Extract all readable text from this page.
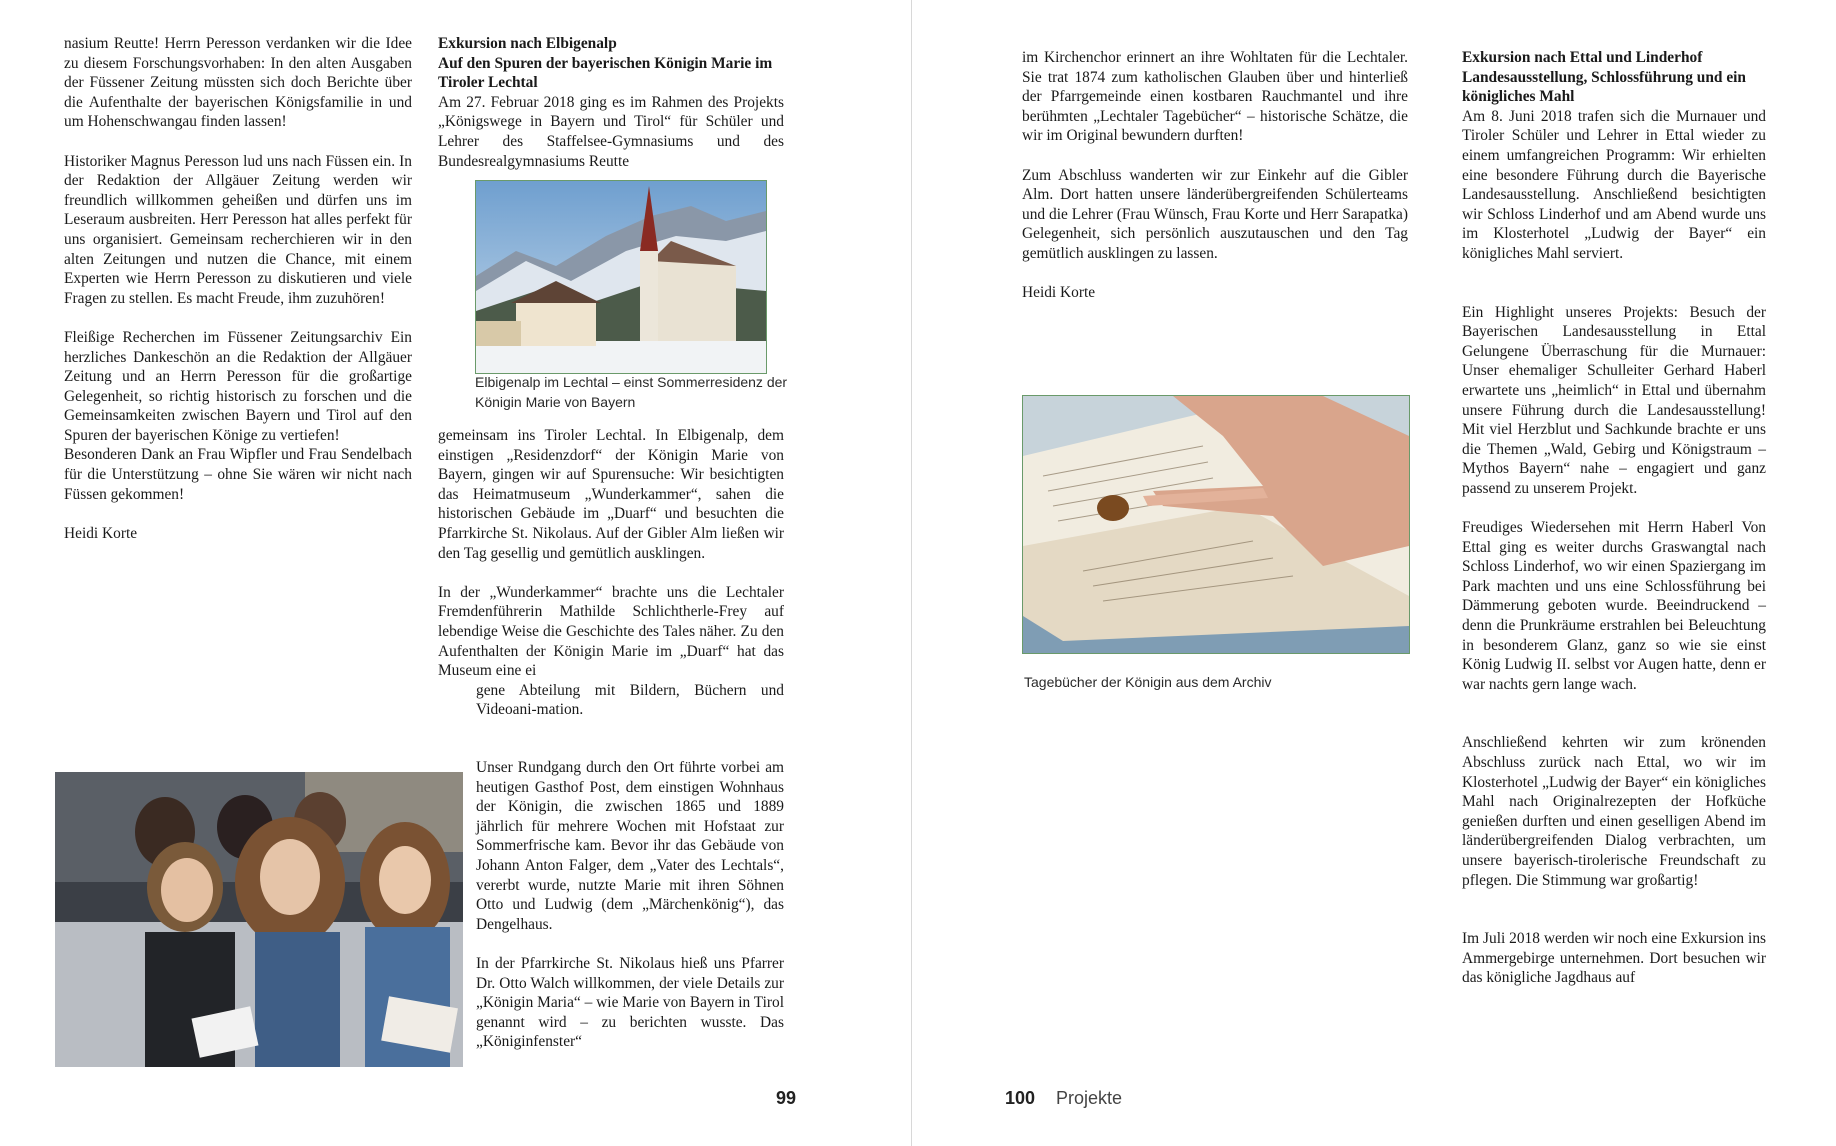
nasium Reutte! Herrn Peresson verdanken wir die Idee zu diesem Forschungsvorhaben: In den alten Ausgaben der Füssener Zeitung müssten sich doch Berichte über die Aufenthalte der bayerischen Königsfamilie in und um Hohenschwangau finden lassen!

Historiker Magnus Peresson lud uns nach Füssen ein. In der Redaktion der Allgäuer Zeitung werden wir freundlich willkommen geheißen und dürfen uns im Leseraum ausbreiten. Herr Peresson hat alles perfekt für uns organisiert. Gemeinsam recherchieren wir in den alten Zeitungen und nutzen die Chance, mit einem Experten wie Herrn Peresson zu diskutieren und viele Fragen zu stellen. Es macht Freude, ihm zuzuhören!

Fleißige Recherchen im Füssener Zeitungsarchiv Ein herzliches Dankeschön an die Redaktion der Allgäuer Zeitung und an Herrn Peresson für die großartige Gelegenheit, so richtig historisch zu forschen und die Gemeinsamkeiten zwischen Bayern und Tirol auf den Spuren der bayerischen Könige zu vertiefen!

Besonderen Dank an Frau Wipfler und Frau Sendelbach für die Unterstützung – ohne Sie wären wir nicht nach Füssen gekommen!

Heidi Korte

Exkursion nach Elbigenalp
Auf den Spuren der bayerischen Königin Marie im Tiroler Lechtal

Am 27. Februar 2018 ging es im Rahmen des Projekts „Königswege in Bayern und Tirol“ für Schüler und Lehrer des Staffelsee-Gymnasiums und des Bundesrealgymnasiums Reutte

Elbigenalp im Lechtal – einst Sommerresidenz der Königin Marie von Bayern

gemeinsam ins Tiroler Lechtal. In Elbigenalp, dem einstigen „Residenzdorf“ der Königin Marie von Bayern, gingen wir auf Spurensuche: Wir besichtigten das Heimatmuseum „Wunderkammer“, sahen die historischen Gebäude im „Duarf“ und besuchten die Pfarrkirche St. Nikolaus. Auf der Gibler Alm ließen wir den Tag gesellig und gemütlich ausklingen.

In der „Wunderkammer“ brachte uns die Lechtaler Fremdenführerin Mathilde Schlichtherle-Frey auf lebendige Weise die Geschichte des Tales näher. Zu den Aufenthalten der Königin Marie im „Duarf“ hat das Museum eine ei

gene Abteilung mit Bildern, Büchern und Videoani-mation.

Unser Rundgang durch den Ort führte vorbei am heutigen Gasthof Post, dem einstigen Wohnhaus der Königin, die zwischen 1865 und 1889 jährlich für mehrere Wochen mit Hofstaat zur Sommerfrische kam. Bevor ihr das Gebäude von Johann Anton Falger, dem „Vater des Lechtals“, vererbt wurde, nutzte Marie mit ihren Söhnen Otto und Ludwig (dem „Märchenkönig“), das Dengelhaus.

In der Pfarrkirche St. Nikolaus hieß uns Pfarrer Dr. Otto Walch willkommen, der viele Details zur „Königin Maria“ – wie Marie von Bayern in Tirol genannt wird – zu berichten wusste. Das „Königinfenster“

99

im Kirchenchor erinnert an ihre Wohltaten für die Lechtaler. Sie trat 1874 zum katholischen Glauben über und hinterließ der Pfarrgemeinde einen kostbaren Rauchmantel und ihre berühmten „Lechtaler Tagebücher“ – historische Schätze, die wir im Original bewundern durften!

Zum Abschluss wanderten wir zur Einkehr auf die Gibler Alm. Dort hatten unsere länderübergreifenden Schülerteams und die Lehrer (Frau Wünsch, Frau Korte und Herr Sarapatka) Gelegenheit, sich persönlich auszutauschen und den Tag gemütlich ausklingen zu lassen.

Heidi Korte

Tagebücher der Königin aus dem Archiv
Exkursion nach Ettal und Linderhof
Landesausstellung, Schlossführung und ein königliches Mahl

Am 8. Juni 2018 trafen sich die Murnauer und Tiroler Schüler und Lehrer in Ettal wieder zu einem umfangreichen Programm: Wir erhielten eine besondere Führung durch die Bayerische Landesausstellung. Anschließend besichtigten wir Schloss Linderhof und am Abend wurde uns im Klosterhotel „Ludwig der Bayer“ ein königliches Mahl serviert.

Ein Highlight unseres Projekts: Besuch der Bayerischen Landesausstellung in Ettal Gelungene Überraschung für die Murnauer: Unser ehemaliger Schulleiter Gerhard Haberl erwartete uns „heimlich“ in Ettal und übernahm unsere Führung durch die Landesausstellung! Mit viel Herzblut und Sachkunde brachte er uns die Themen „Wald, Gebirg und Königstraum – Mythos Bayern“ nahe – engagiert und ganz passend zu unserem Projekt.

Freudiges Wiedersehen mit Herrn Haberl Von Ettal ging es weiter durchs Graswangtal nach Schloss Linderhof, wo wir einen Spaziergang im Park machten und uns eine Schlossführung bei Dämmerung geboten wurde. Beeindruckend – denn die Prunkräume erstrahlen bei Beleuchtung in besonderem Glanz, ganz so wie sie einst König Ludwig II. selbst vor Augen hatte, denn er war nachts gern lange wach.

Anschließend kehrten wir zum krönenden Abschluss zurück nach Ettal, wo wir im Klosterhotel „Ludwig der Bayer“ ein königliches Mahl nach Originalrezepten der Hofküche genießen durften und einen geselligen Abend im länderübergreifenden Dialog verbrachten, um unsere bayerisch-tirolerische Freundschaft zu pflegen. Die Stimmung war großartig!

Im Juli 2018 werden wir noch eine Exkursion ins Ammergebirge unternehmen. Dort besuchen wir das königliche Jagdhaus auf

100 Projekte
